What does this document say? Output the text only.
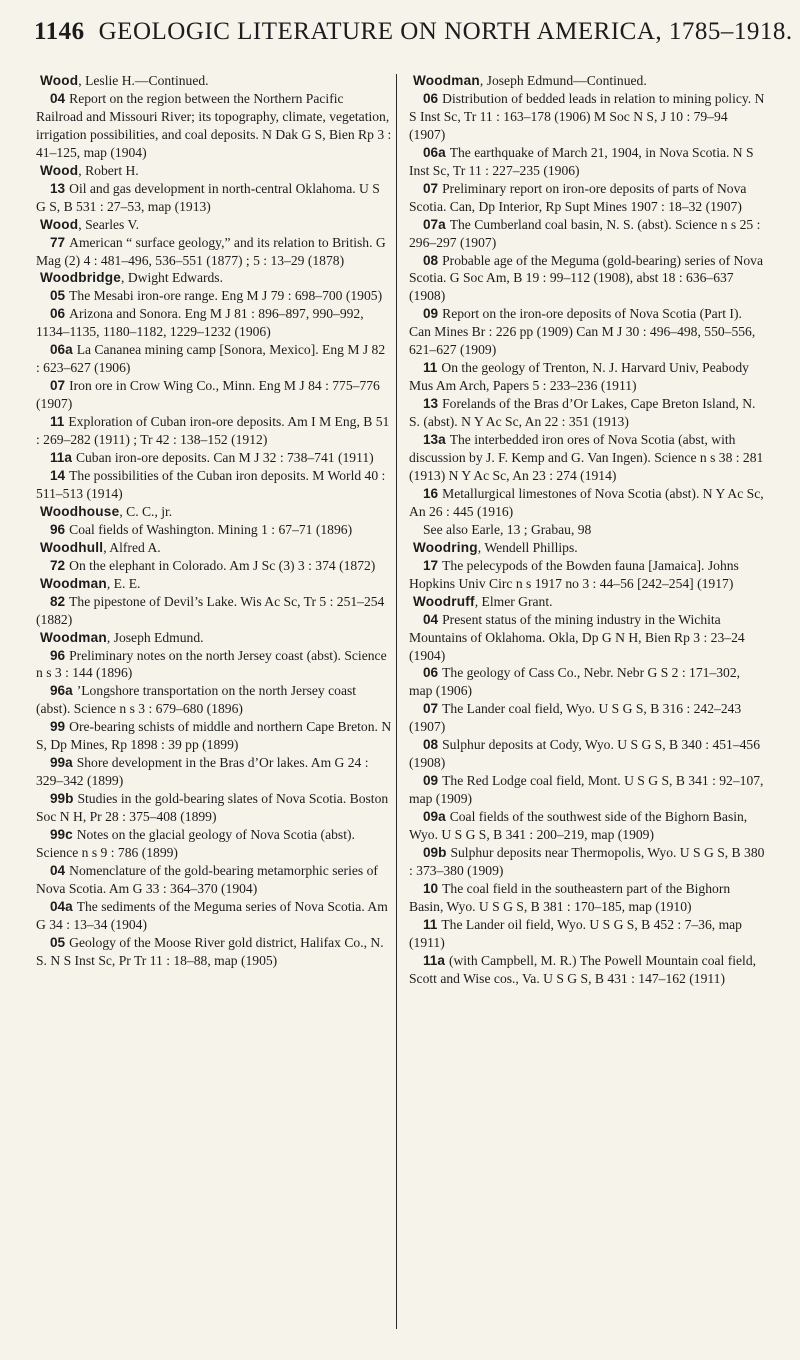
1146 GEOLOGIC LITERATURE ON NORTH AMERICA, 1785–1918.

Wood, Leslie H.—Continued.

04 Report on the region between the Northern Pacific Railroad and Missouri River; its topography, climate, vegetation, irrigation possibilities, and coal deposits. N Dak G S, Bien Rp 3 : 41–125, map (1904)

Wood, Robert H.

13 Oil and gas development in north-central Oklahoma. U S G S, B 531 : 27–53, map (1913)

Wood, Searles V.

77 American “ surface geology,” and its relation to British. G Mag (2) 4 : 481–496, 536–551 (1877) ; 5 : 13–29 (1878)

Woodbridge, Dwight Edwards.

05 The Mesabi iron-ore range. Eng M J 79 : 698–700 (1905)

06 Arizona and Sonora. Eng M J 81 : 896–897, 990–992, 1134–1135, 1180–1182, 1229–1232 (1906)

06a La Cananea mining camp [Sonora, Mexico]. Eng M J 82 : 623–627 (1906)

07 Iron ore in Crow Wing Co., Minn. Eng M J 84 : 775–776 (1907)

11 Exploration of Cuban iron-ore deposits. Am I M Eng, B 51 : 269–282 (1911) ; Tr 42 : 138–152 (1912)

11a Cuban iron-ore deposits. Can M J 32 : 738–741 (1911)

14 The possibilities of the Cuban iron deposits. M World 40 : 511–513 (1914)

Woodhouse, C. C., jr.

96 Coal fields of Washington. Mining 1 : 67–71 (1896)

Woodhull, Alfred A.

72 On the elephant in Colorado. Am J Sc (3) 3 : 374 (1872)

Woodman, E. E.

82 The pipestone of Devil’s Lake. Wis Ac Sc, Tr 5 : 251–254 (1882)

Woodman, Joseph Edmund.

96 Preliminary notes on the north Jersey coast (abst). Science n s 3 : 144 (1896)

96a ’Longshore transportation on the north Jersey coast (abst). Science n s 3 : 679–680 (1896)

99 Ore-bearing schists of middle and northern Cape Breton. N S, Dp Mines, Rp 1898 : 39 pp (1899)

99a Shore development in the Bras d’Or lakes. Am G 24 : 329–342 (1899)

99b Studies in the gold-bearing slates of Nova Scotia. Boston Soc N H, Pr 28 : 375–408 (1899)

99c Notes on the glacial geology of Nova Scotia (abst). Science n s 9 : 786 (1899)

04 Nomenclature of the gold-bearing metamorphic series of Nova Scotia. Am G 33 : 364–370 (1904)

04a The sediments of the Meguma series of Nova Scotia. Am G 34 : 13–34 (1904)

05 Geology of the Moose River gold district, Halifax Co., N. S. N S Inst Sc, Pr Tr 11 : 18–88, map (1905)

Woodman, Joseph Edmund—Continued.

06 Distribution of bedded leads in relation to mining policy. N S Inst Sc, Tr 11 : 163–178 (1906) M Soc N S, J 10 : 79–94 (1907)

06a The earthquake of March 21, 1904, in Nova Scotia. N S Inst Sc, Tr 11 : 227–235 (1906)

07 Preliminary report on iron-ore deposits of parts of Nova Scotia. Can, Dp Interior, Rp Supt Mines 1907 : 18–32 (1907)

07a The Cumberland coal basin, N. S. (abst). Science n s 25 : 296–297 (1907)

08 Probable age of the Meguma (gold-bearing) series of Nova Scotia. G Soc Am, B 19 : 99–112 (1908), abst 18 : 636–637 (1908)

09 Report on the iron-ore deposits of Nova Scotia (Part I). Can Mines Br : 226 pp (1909) Can M J 30 : 496–498, 550–556, 621–627 (1909)

11 On the geology of Trenton, N. J. Harvard Univ, Peabody Mus Am Arch, Papers 5 : 233–236 (1911)

13 Forelands of the Bras d’Or Lakes, Cape Breton Island, N. S. (abst). N Y Ac Sc, An 22 : 351 (1913)

13a The interbedded iron ores of Nova Scotia (abst, with discussion by J. F. Kemp and G. Van Ingen). Science n s 38 : 281 (1913) N Y Ac Sc, An 23 : 274 (1914)

16 Metallurgical limestones of Nova Scotia (abst). N Y Ac Sc, An 26 : 445 (1916)

See also Earle, 13 ; Grabau, 98

Woodring, Wendell Phillips.

17 The pelecypods of the Bowden fauna [Jamaica]. Johns Hopkins Univ Circ n s 1917 no 3 : 44–56 [242–254] (1917)

Woodruff, Elmer Grant.

04 Present status of the mining industry in the Wichita Mountains of Oklahoma. Okla, Dp G N H, Bien Rp 3 : 23–24 (1904)

06 The geology of Cass Co., Nebr. Nebr G S 2 : 171–302, map (1906)

07 The Lander coal field, Wyo. U S G S, B 316 : 242–243 (1907)

08 Sulphur deposits at Cody, Wyo. U S G S, B 340 : 451–456 (1908)

09 The Red Lodge coal field, Mont. U S G S, B 341 : 92–107, map (1909)

09a Coal fields of the southwest side of the Bighorn Basin, Wyo. U S G S, B 341 : 200–219, map (1909)

09b Sulphur deposits near Thermopolis, Wyo. U S G S, B 380 : 373–380 (1909)

10 The coal field in the southeastern part of the Bighorn Basin, Wyo. U S G S, B 381 : 170–185, map (1910)

11 The Lander oil field, Wyo. U S G S, B 452 : 7–36, map (1911)

11a (with Campbell, M. R.) The Powell Mountain coal field, Scott and Wise cos., Va. U S G S, B 431 : 147–162 (1911)
